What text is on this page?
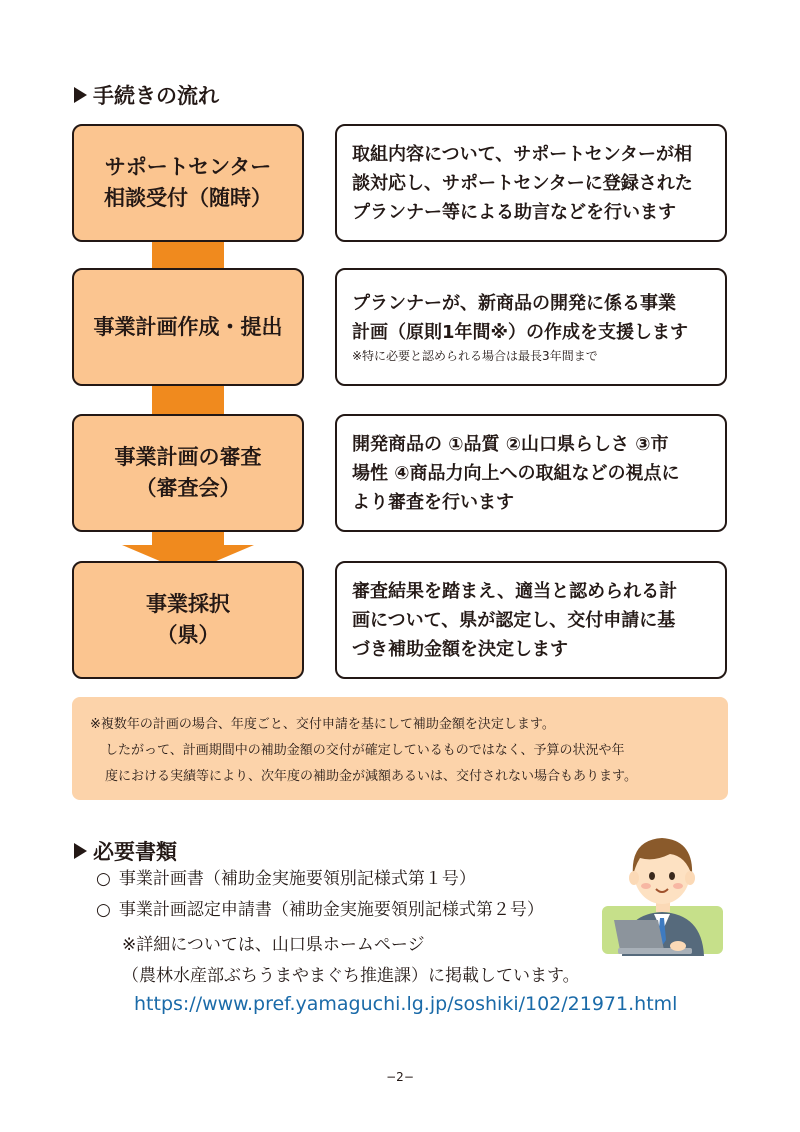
手続きの流れ
サポートセンター
相談受付（随時）
取組内容について、サポートセンターが相
談対応し、サポートセンターに登録された
プランナー等による助言などを行います
事業計画作成・提出
プランナーが、新商品の開発に係る事業
計画（原則1年間※）の作成を支援します
※特に必要と認められる場合は最長3年間まで
事業計画の審査
（審査会）
開発商品の ①品質 ②山口県らしさ ③市
場性 ④商品力向上への取組などの視点に
より審査を行います
事業採択
（県）
審査結果を踏まえ、適当と認められる計
画について、県が認定し、交付申請に基
づき補助金額を決定します
※複数年の計画の場合、年度ごと、交付申請を基にして補助金額を決定します。
したがって、計画期間中の補助金額の交付が確定しているものではなく、予算の状況や年
度における実績等により、次年度の補助金が減額あるいは、交付されない場合もあります。
必要書類
○ 事業計画書（補助金実施要領別記様式第１号）
○ 事業計画認定申請書（補助金実施要領別記様式第２号）
※詳細については、山口県ホームページ
（農林水産部ぶちうまやまぐち推進課）に掲載しています。
https://www.pref.yamaguchi.lg.jp/soshiki/102/21971.html
−2−
